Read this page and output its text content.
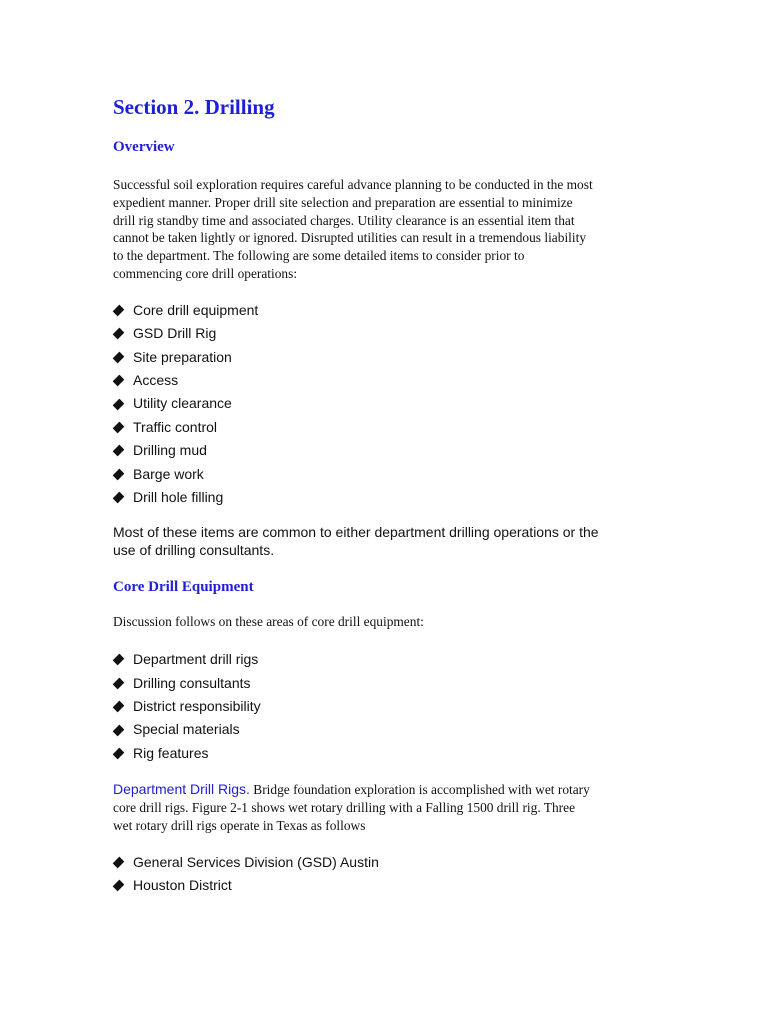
Section 2. Drilling
Overview

Successful soil exploration requires careful advance planning to be conducted in the most
expedient manner. Proper drill site selection and preparation are essential to minimize
drill rig standby time and associated charges. Utility clearance is an essential item that
cannot be taken lightly or ignored. Disrupted utilities can result in a tremendous liability
to the department. The following are some detailed items to consider prior to
commencing core drill operations:

Core drill equipment
GSD Drill Rig
Site preparation
Access
Utility clearance
Traffic control
Drilling mud
Barge work
Drill hole filling

Most of these items are common to either department drilling operations or the
use of drilling consultants.

Core Drill Equipment

Discussion follows on these areas of core drill equipment:

Department drill rigs
Drilling consultants
District responsibility
Special materials
Rig features

Department Drill Rigs. Bridge foundation exploration is accomplished with wet rotary
core drill rigs. Figure 2-1 shows wet rotary drilling with a Falling 1500 drill rig. Three
wet rotary drill rigs operate in Texas as follows

General Services Division (GSD) Austin
Houston District
